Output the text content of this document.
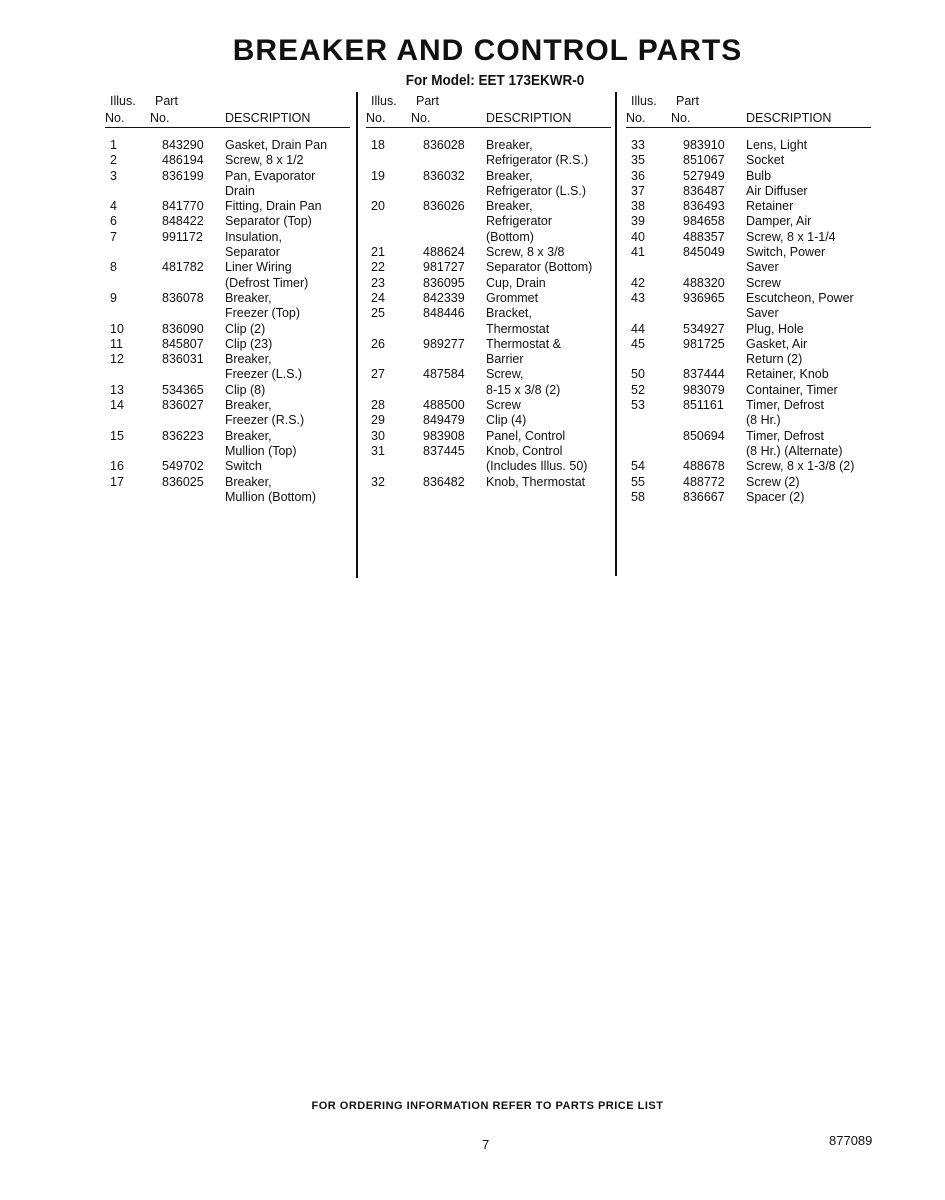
BREAKER AND CONTROL PARTS
For Model: EET 173EKWR-0
Illus. Part
No. No.	DESCRIPTION
1	843290 Gasket, Drain Pan
2	486194 Screw, 8 x 1/2
3	836199 Pan, Evaporator
Drain
4	841770 Fitting, Drain Pan
6	848422 Separator (Top)
7	991172 Insulation,
Separator
8	481782 Liner Wiring
(Defrost Timer)
9	836078 Breaker,
Freezer (Top)
10	836090 Clip (2)
11	845807 Clip (23)
12	836031 Breaker,
Freezer (L.S.)
13	534365 Clip (8)
14	836027 Breaker,
Freezer (R.S.)
15	836223 Breaker,
Mullion (Top)
16	549702 Switch
17	836025 Breaker,
Mullion (Bottom)
Illus. Part
No. No.	DESCRIPTION
18	836028 Breaker,
Refrigerator (R.S.)
19	836032 Breaker,
Refrigerator (L.S.)
20	836026 Breaker,
Refrigerator
(Bottom)
21	488624 Screw, 8 x 3/8
22	981727 Separator (Bottom)
23	836095 Cup, Drain
24	842339 Grommet
25	848446 Bracket,
Thermostat
26	989277 Thermostat &
Barrier
27	487584 Screw,
8-15 x 3/8 (2)
28	488500 Screw
29	849479 Clip (4)
30	983908 Panel, Control
31	837445 Knob, Control
(Includes Illus. 50)
32	836482 Knob, Thermostat
Illus. Part
No. No.	DESCRIPTION
33	983910 Lens, Light
35	851067 Socket
36	527949 Bulb
37	836487 Air Diffuser
38	836493 Retainer
39	984658 Damper, Air
40	488357 Screw, 8 x 1-1/4
41	845049 Switch, Power
Saver
42	488320 Screw
43	936965 Escutcheon, Power
Saver
44	534927 Plug, Hole
45	981725 Gasket, Air
Return (2)
50	837444 Retainer, Knob
52	983079 Container, Timer
53	851161 Timer, Defrost
(8 Hr.)
850694 Timer, Defrost
(8 Hr.) (Alternate)
54	488678 Screw, 8 x 1-3/8 (2)
55	488772 Screw (2)
58	836667 Spacer (2)
FOR ORDERING INFORMATION REFER TO PARTS PRICE LIST
7	877089
